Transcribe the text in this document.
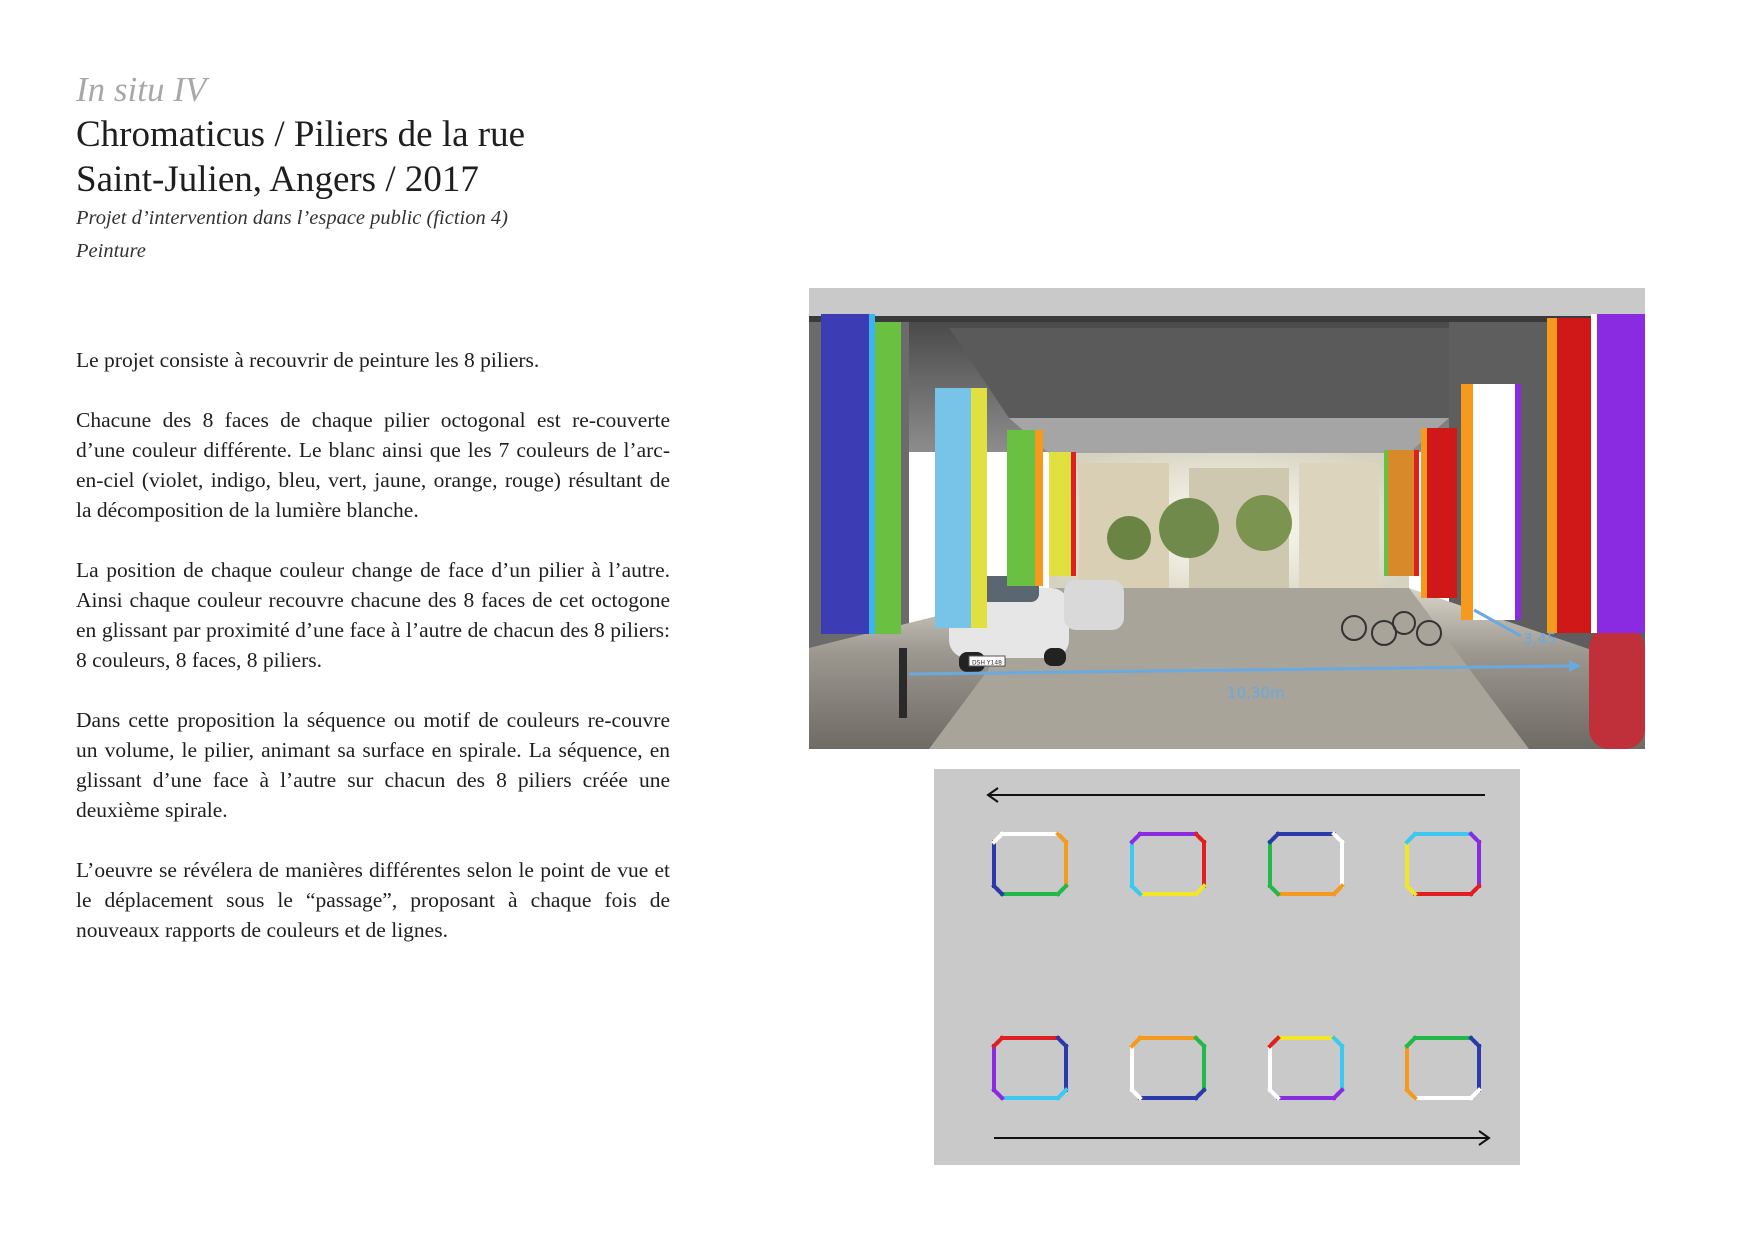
In situ IV
Chromaticus / Piliers de la rue
Saint-Julien, Angers / 2017
Projet d’intervention dans l’espace public (fiction 4)
Peinture

Le projet consiste à recouvrir de peinture les 8 piliers.

Chacune des 8 faces de chaque pilier octogonal est re-couverte d’une couleur différente. Le blanc ainsi que les 7 couleurs de l’arc-en-ciel (violet, indigo, bleu, vert, jaune, orange, rouge) résultant de la décomposition de la lumière blanche.

La position de chaque couleur change de face d’un pilier à l’autre. Ainsi chaque couleur recouvre chacune des 8 faces de cet octogone en glissant par proximité d’une face à l’autre de chacun des 8 piliers: 8 couleurs, 8 faces, 8 piliers.

Dans cette proposition la séquence ou motif de couleurs re-couvre un volume, le pilier, animant sa surface en spirale. La séquence, en glissant d’une face à l’autre sur chacun des 8 piliers créée une deuxième spirale.

L’oeuvre se révélera de manières différentes selon le point de vue et le déplacement sous le “passage”, proposant à chaque fois de nouveaux rapports de couleurs et de lignes.

DSH Y148
10,30m
3,45
